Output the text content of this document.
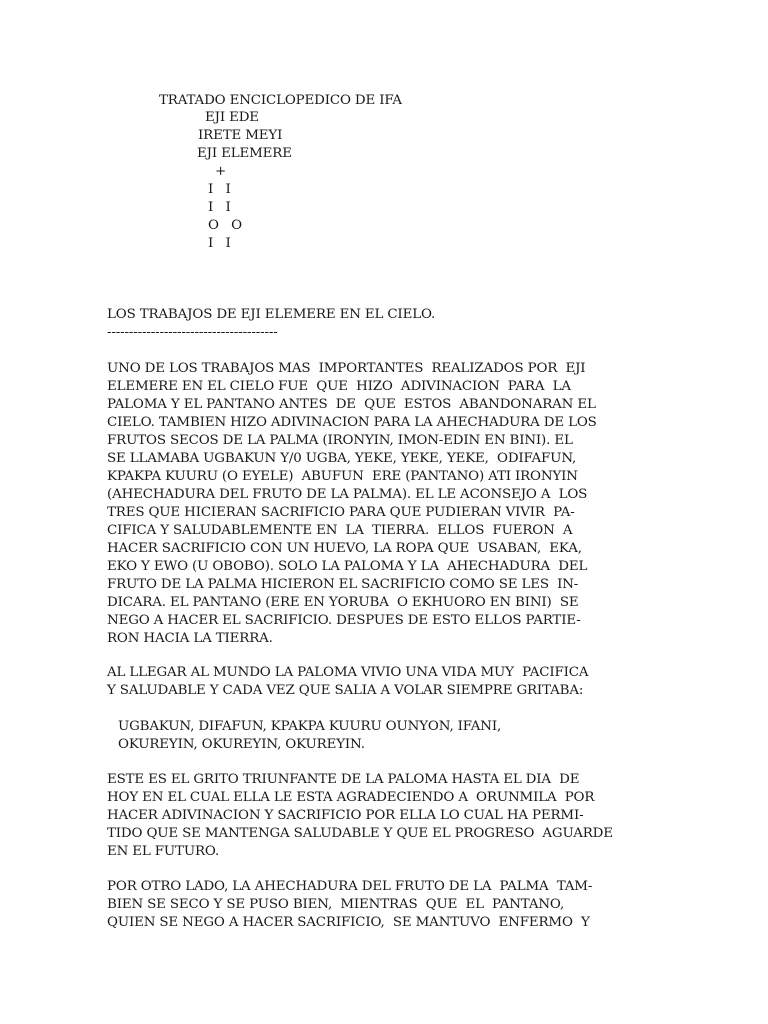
TRATADO ENCICLOPEDICO DE IFA
EJI EDE
IRETE MEYI
EJI ELEMERE
+
I   I
I   I
O   O
I   I
LOS TRABAJOS DE EJI ELEMERE EN EL CIELO.
---------------------------------------
UNO DE LOS TRABAJOS MAS  IMPORTANTES  REALIZADOS POR  EJI
ELEMERE EN EL CIELO FUE  QUE  HIZO  ADIVINACION  PARA  LA
PALOMA Y EL PANTANO ANTES  DE  QUE  ESTOS  ABANDONARAN EL
CIELO. TAMBIEN HIZO ADIVINACION PARA LA AHECHADURA DE LOS
FRUTOS SECOS DE LA PALMA (IRONYIN, IMON-EDIN EN BINI). EL
SE LLAMABA UGBAKUN Y/0 UGBA, YEKE, YEKE, YEKE,  ODIFAFUN,
KPAKPA KUURU (O EYELE)  ABUFUN  ERE (PANTANO) ATI IRONYIN
(AHECHADURA DEL FRUTO DE LA PALMA). EL LE ACONSEJO A  LOS
TRES QUE HICIERAN SACRIFICIO PARA QUE PUDIERAN VIVIR  PA-
CIFICA Y SALUDABLEMENTE EN  LA  TIERRA.  ELLOS  FUERON  A
HACER SACRIFICIO CON UN HUEVO, LA ROPA QUE  USABAN,  EKA,
EKO Y EWO (U OBOBO). SOLO LA PALOMA Y LA  AHECHADURA  DEL
FRUTO DE LA PALMA HICIERON EL SACRIFICIO COMO SE LES  IN-
DICARA. EL PANTANO (ERE EN YORUBA  O EKHUORO EN BINI)  SE
NEGO A HACER EL SACRIFICIO. DESPUES DE ESTO ELLOS PARTIE-
RON HACIA LA TIERRA.
AL LLEGAR AL MUNDO LA PALOMA VIVIO UNA VIDA MUY  PACIFICA
Y SALUDABLE Y CADA VEZ QUE SALIA A VOLAR SIEMPRE GRITABA:
UGBAKUN, DIFAFUN, KPAKPA KUURU OUNYON, IFANI,
OKUREYIN, OKUREYIN, OKUREYIN.
ESTE ES EL GRITO TRIUNFANTE DE LA PALOMA HASTA EL DIA  DE
HOY EN EL CUAL ELLA LE ESTA AGRADECIENDO A  ORUNMILA  POR
HACER ADIVINACION Y SACRIFICIO POR ELLA LO CUAL HA PERMI-
TIDO QUE SE MANTENGA SALUDABLE Y QUE EL PROGRESO  AGUARDE
EN EL FUTURO.
POR OTRO LADO, LA AHECHADURA DEL FRUTO DE LA  PALMA  TAM-
BIEN SE SECO Y SE PUSO BIEN,  MIENTRAS  QUE  EL  PANTANO,
QUIEN SE NEGO A HACER SACRIFICIO,  SE MANTUVO  ENFERMO  Y
